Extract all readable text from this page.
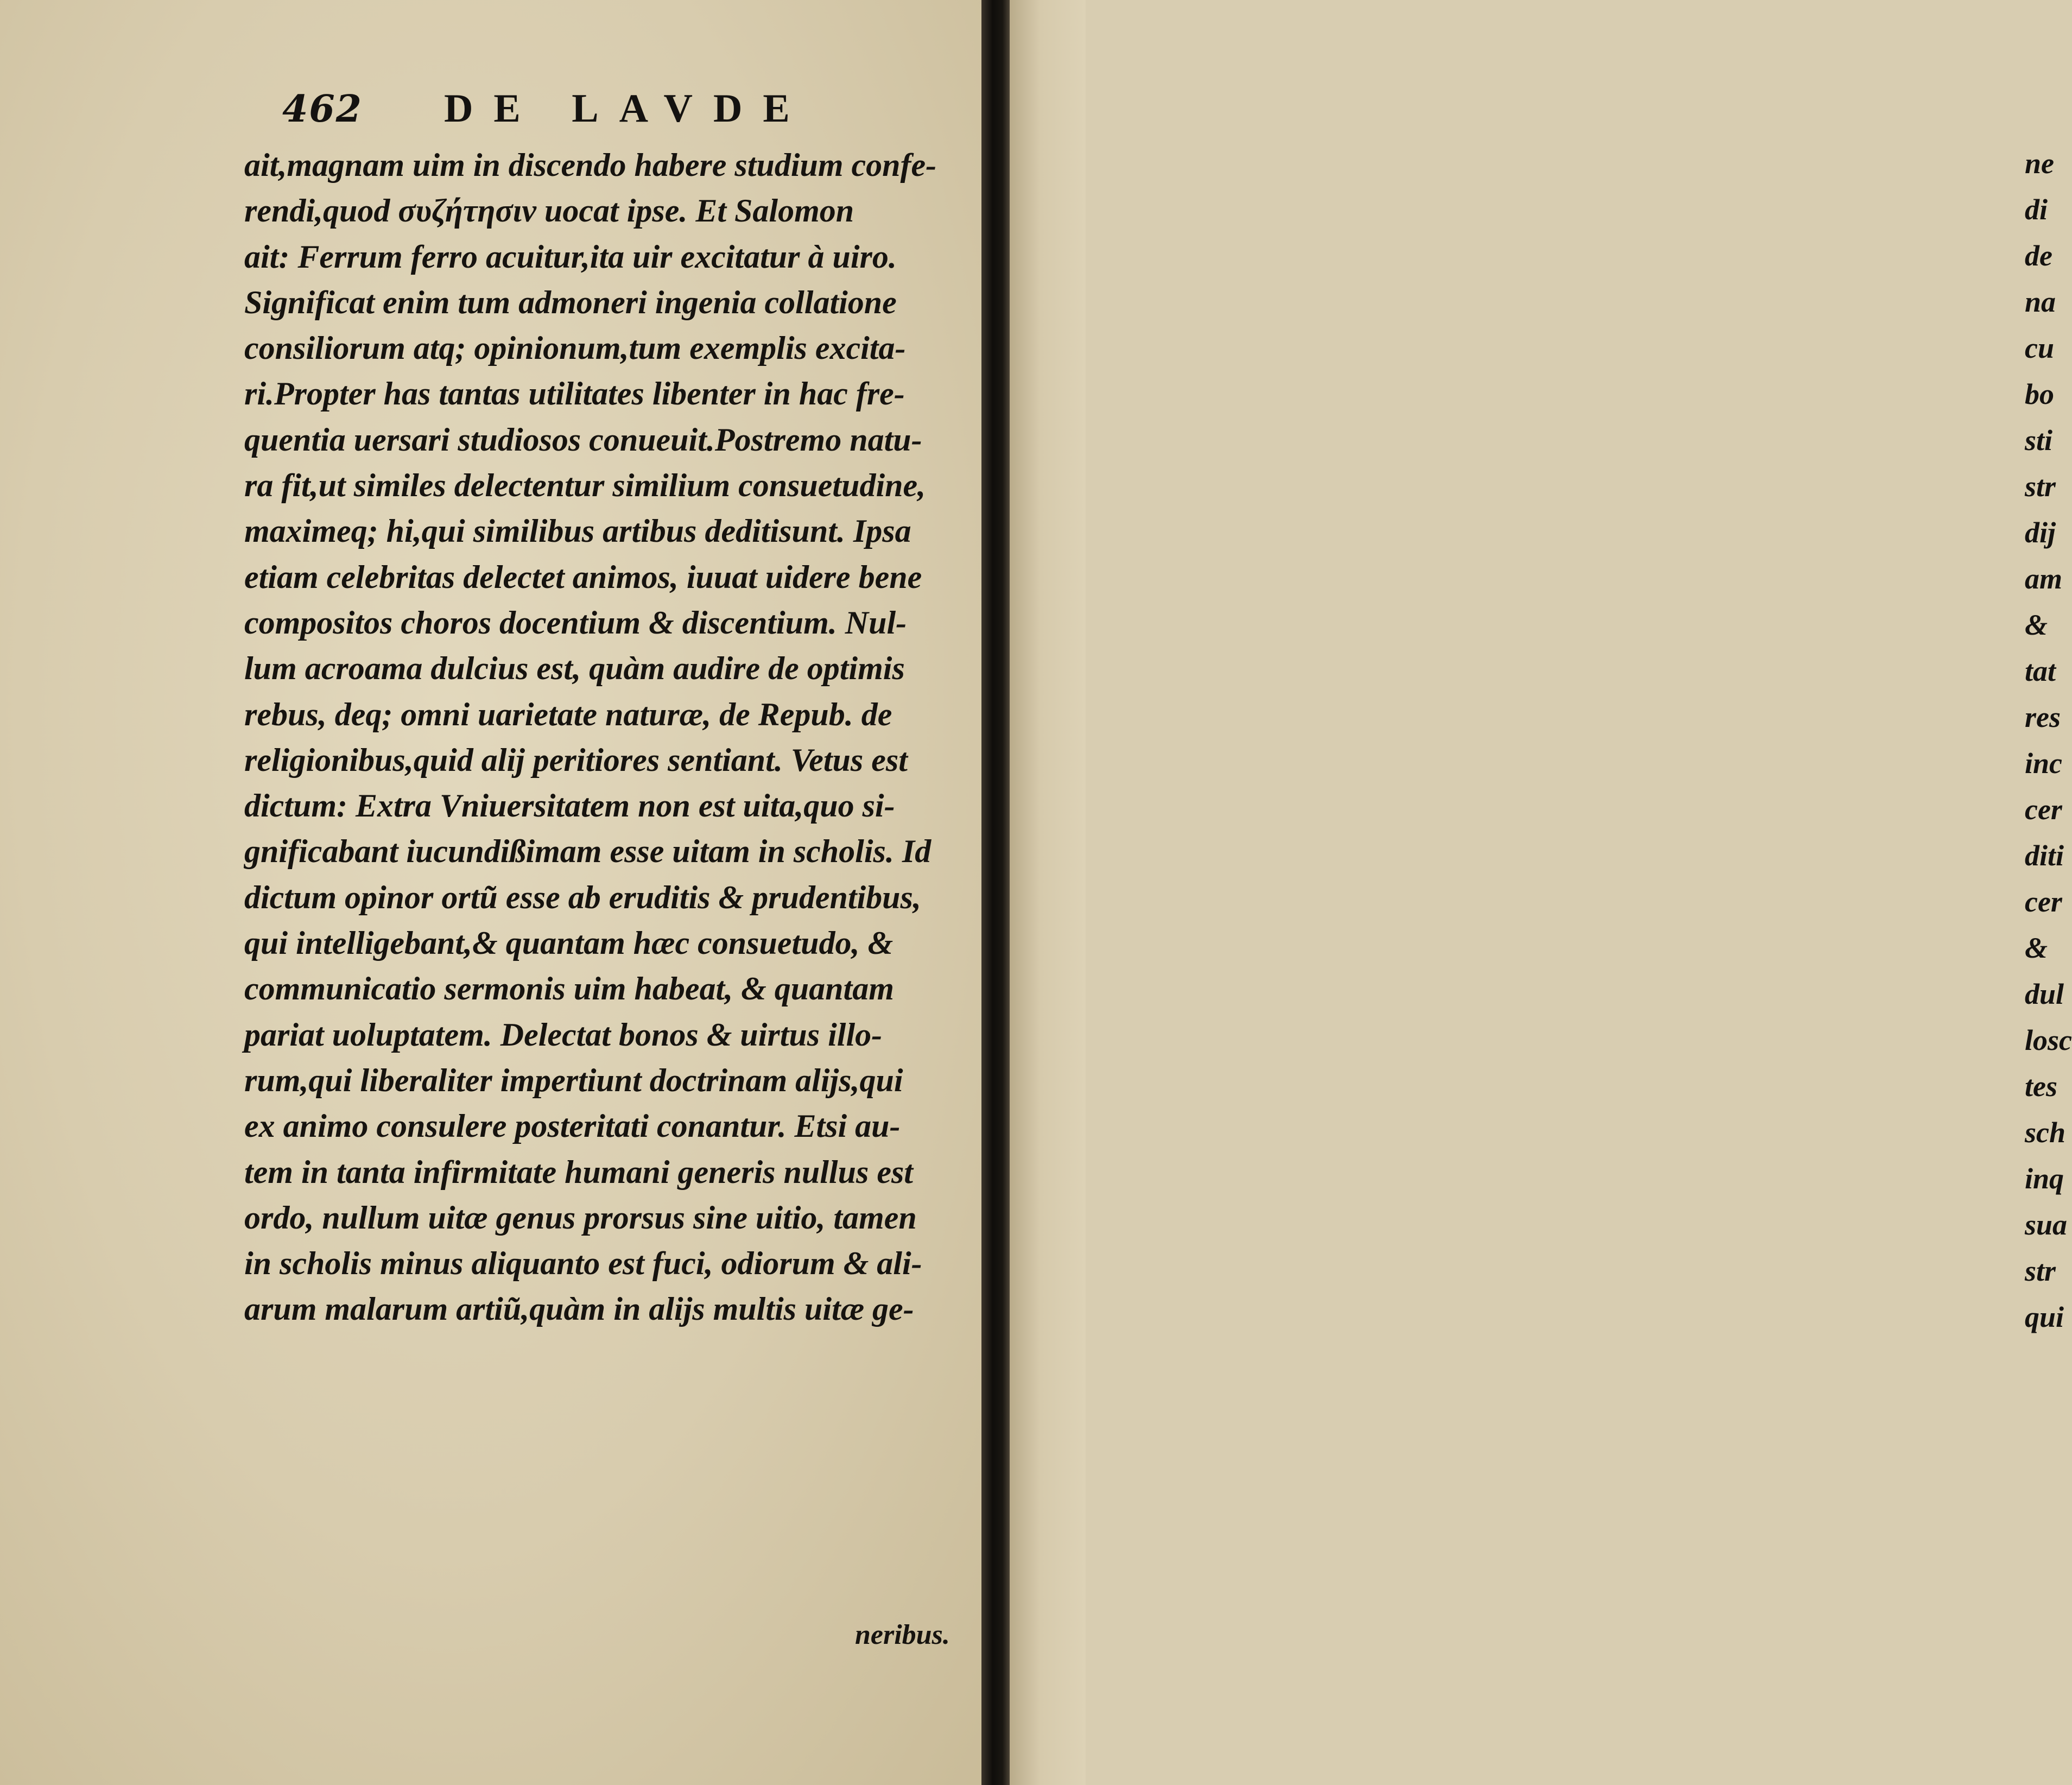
462 DE LAVDE
ait,magnam uim in discendo habere studium confe-
rendi,quod συζήτησιν uocat ipse. Et Salomon
ait: Ferrum ferro acuitur,ita uir excitatur à uiro.
Significat enim tum admoneri ingenia collatione
consiliorum atq; opinionum,tum exemplis excita-
ri.Propter has tantas utilitates libenter in hac fre-
quentia uersari studiosos conueuit.Postremo natu-
ra fit,ut similes delectentur similium consuetudine,
maximeq; hi,qui similibus artibus deditisunt. Ipsa
etiam celebritas delectet animos, iuuat uidere bene
compositos choros docentium & discentium. Nul-
lum acroama dulcius est, quàm audire de optimis
rebus, deq; omni uarietate naturæ, de Repub. de
religionibus,quid alij peritiores sentiant. Vetus est
dictum: Extra Vniuersitatem non est uita,quo si-
gnificabant iucundißimam esse uitam in scholis. Id
dictum opinor ortũ esse ab eruditis & prudentibus,
qui intelligebant,& quantam hæc consuetudo, &
communicatio sermonis uim habeat, & quantam
pariat uoluptatem. Delectat bonos & uirtus illo-
rum,qui liberaliter impertiunt doctrinam alijs,qui
ex animo consulere posteritati conantur. Etsi au-
tem in tanta infirmitate humani generis nullus est
ordo, nullum uitæ genus prorsus sine uitio, tamen
in scholis minus aliquanto est fuci, odiorum & ali-
arum malarum artiũ,quàm in alijs multis uitæ ge-
neribus.
ne
di
de
na
cu
bo
sti
str
dij
am
&
tat
res
inc
cer
diti
cer
&
dul
losc
tes
sch
inq
sua
str
qui
